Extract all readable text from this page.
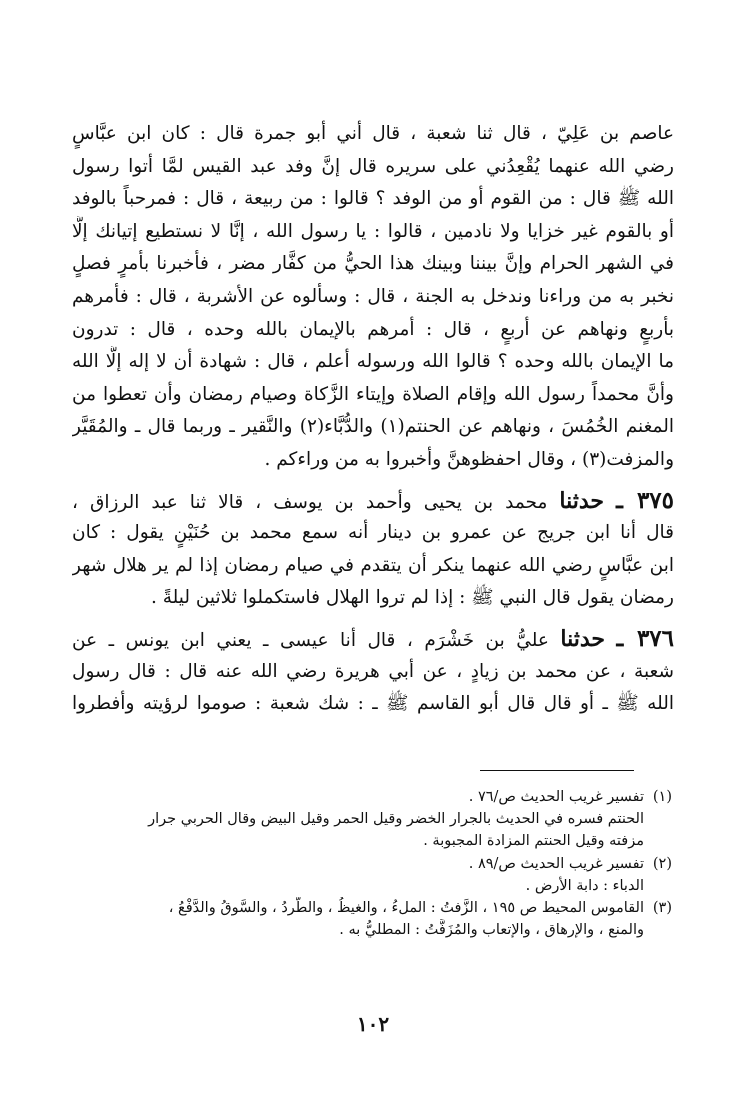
عاصم بن عَلِيّ ، قال ثنا شعبة ، قال أني أبو جمرة قال : كان ابن عبَّاسٍ
رضي الله عنهما يُقْعِدُني على سريره قال إنَّ وفد عبد القيس لمَّا أتوا رسول
الله ﷺ قال : من القوم أو من الوفد ؟ قالوا : من ربيعة ، قال : فمرحباً بالوفد
أو بالقوم غير خزايا ولا نادمين ، قالوا : يا رسول الله ، إنَّا لا نستطيع إتيانك إلَّا
في الشهر الحرام وإنَّ بيننا وبينك هذا الحيُّ من كفَّار مضر ، فأخبرنا بأمرٍ فصلٍ
نخبر به من وراءنا وندخل به الجنة ، قال : وسألوه عن الأشربة ، قال : فأمرهم
بأربعٍ ونهاهم عن أربعٍ ، قال : أمرهم بالإيمان بالله وحده ، قال : تدرون
ما الإيمان بالله وحده ؟ قالوا الله ورسوله أعلم ، قال : شهادة أن لا إله إلَّا الله
وأنَّ محمداً رسول الله وإقام الصلاة وإيتاء الزَّكاة وصيام رمضان وأن تعطوا من
المغنم الخُمُسَ ، ونهاهم عن الحنتم(١) والدُّبَّاء(٢) والنَّقير ـ وربما قال ـ والمُقَيَّر
والمزفت(٣) ، وقال احفظوهنَّ وأخبروا به من وراءكم .
٣٧٥ ـ حدثنا محمد بن يحيى وأحمد بن يوسف ، قالا ثنا عبد الرزاق ،
قال أنا ابن جريج عن عمرو بن دينار أنه سمع محمد بن حُنَيْنٍ يقول : كان
ابن عبَّاسٍ رضي الله عنهما ينكر أن يتقدم في صيام رمضان إذا لم ير هلال شهر
رمضان يقول قال النبي ﷺ : إذا لم تروا الهلال فاستكملوا ثلاثين ليلةً .
٣٧٦ ـ حدثنا عليُّ بن خَشْرَم ، قال أنا عيسى ـ يعني ابن يونس ـ عن
شعبة ، عن محمد بن زيادٍ ، عن أبي هريرة رضي الله عنه قال : قال رسول
الله ﷺ ـ أو قال قال أبو القاسم ﷺ ـ : شك شعبة : صوموا لرؤيته وأفطروا
(١)تفسير غريب الحديث ص/٧٦ .
الحنتم فسره في الحديث بالجرار الخضر وقيل الحمر وقيل البيض وقال الحربي جرار
مزفته وقيل الحنتم المزادة المجبوبة .
(٢)تفسير غريب الحديث ص/٨٩ .
الدباء : دابة الأرض .
(٣)القاموس المحيط ص ١٩٥ ، الزَّفتُ : الملءُ ، والغيظُ ، والطَّردُ ، والسَّوقُ والدَّفْعُ ،
والمنع ، والإرهاق ، والإتعاب والمُزَفَّتُ : المطليُّ به .
١٠٢
